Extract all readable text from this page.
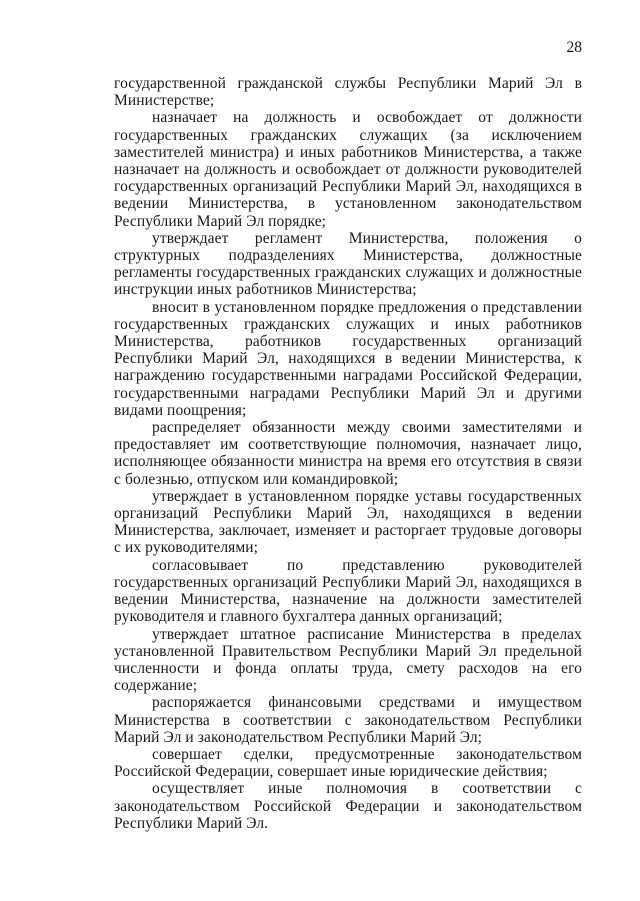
28

государственной гражданской службы Республики Марий Эл в Министерстве;

назначает на должность и освобождает от должности государственных гражданских служащих (за исключением заместителей министра) и иных работников Министерства, а также назначает на должность и освобождает от должности руководителей государственных организаций Республики Марий Эл, находящихся в ведении Министерства, в установленном законодательством Республики Марий Эл порядке;

утверждает регламент Министерства, положения о структурных подразделениях Министерства, должностные регламенты государственных гражданских служащих и должностные инструкции иных работников Министерства;

вносит в установленном порядке предложения о представлении государственных гражданских служащих и иных работников Министерства, работников государственных организаций Республики Марий Эл, находящихся в ведении Министерства, к награждению государственными наградами Российской Федерации, государственными наградами Республики Марий Эл и другими видами поощрения;

распределяет обязанности между своими заместителями и предоставляет им соответствующие полномочия, назначает лицо, исполняющее обязанности министра на время его отсутствия в связи с болезнью, отпуском или командировкой;

утверждает в установленном порядке уставы государственных организаций Республики Марий Эл, находящихся в ведении Министерства, заключает, изменяет и расторгает трудовые договоры с их руководителями;

согласовывает по представлению руководителей государственных организаций Республики Марий Эл, находящихся в ведении Министерства, назначение на должности заместителей руководителя и главного бухгалтера данных организаций;

утверждает штатное расписание Министерства в пределах установленной Правительством Республики Марий Эл предельной численности и фонда оплаты труда, смету расходов на его содержание;

распоряжается финансовыми средствами и имуществом Министерства в соответствии с законодательством Республики Марий Эл и законодательством Республики Марий Эл;

совершает сделки, предусмотренные законодательством Российской Федерации, совершает иные юридические действия;

осуществляет иные полномочия в соответствии с законодательством Российской Федерации и законодательством Республики Марий Эл.
